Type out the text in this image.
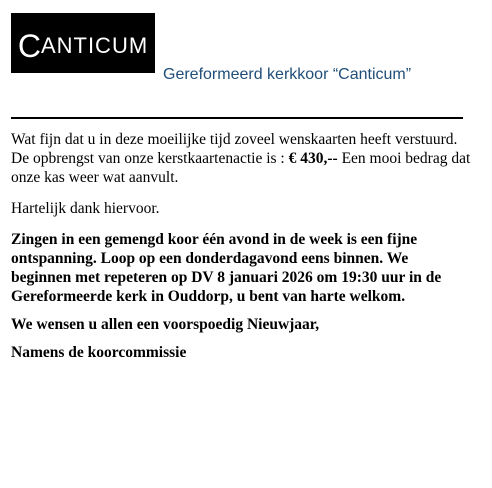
CANTICUM
Gereformeerd kerkkoor “Canticum”

Wat fijn dat u in deze moeilijke tijd zoveel wenskaarten heeft verstuurd.
De opbrengst van onze kerstkaartenactie is : € 430,-- Een mooi bedrag dat onze kas weer wat aanvult.

Hartelijk dank hiervoor.

Zingen in een gemengd koor één avond in de week is een fijne ontspanning. Loop op een donderdagavond eens binnen. We beginnen met repeteren op DV 8 januari 2026 om 19:30 uur in de Gereformeerde kerk in Ouddorp, u bent van harte welkom.

We wensen u allen een voorspoedig Nieuwjaar,

Namens de koorcommissie
